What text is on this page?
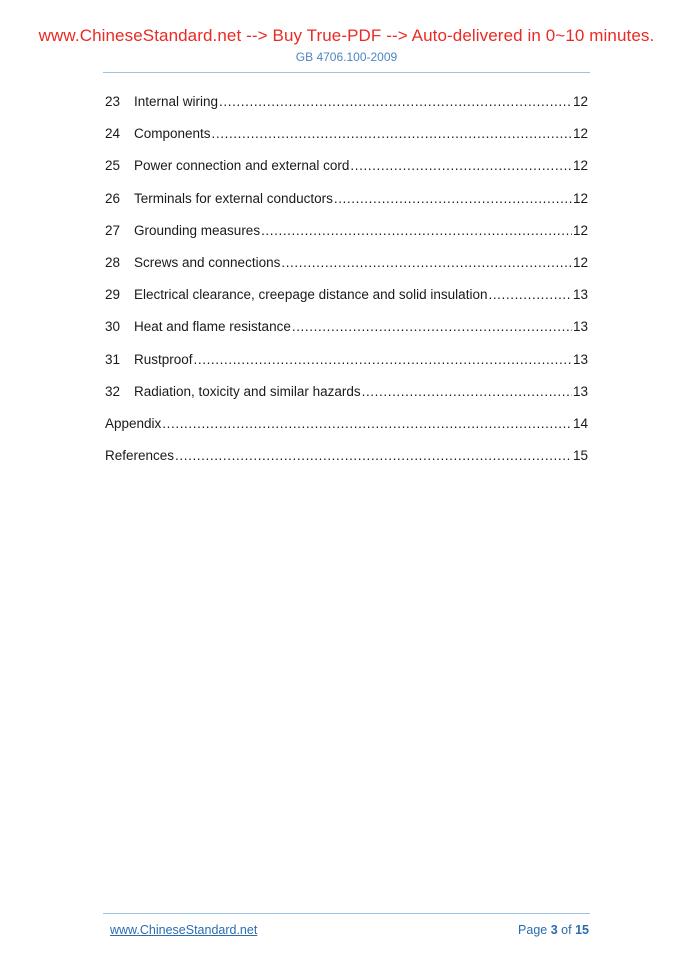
www.ChineseStandard.net --> Buy True-PDF --> Auto-delivered in 0~10 minutes.
GB 4706.100-2009
23	Internal wiring .....	12
24	Components .....	12
25	Power connection and external cord .....	12
26	Terminals for external conductors .....	12
27	Grounding measures .....	12
28	Screws and connections .....	12
29	Electrical clearance, creepage distance and solid insulation .....	13
30	Heat and flame resistance .....	13
31	Rustproof .....	13
32	Radiation, toxicity and similar hazards .....	13
Appendix .....	14
References .....	15
www.ChineseStandard.net	Page 3 of 15
